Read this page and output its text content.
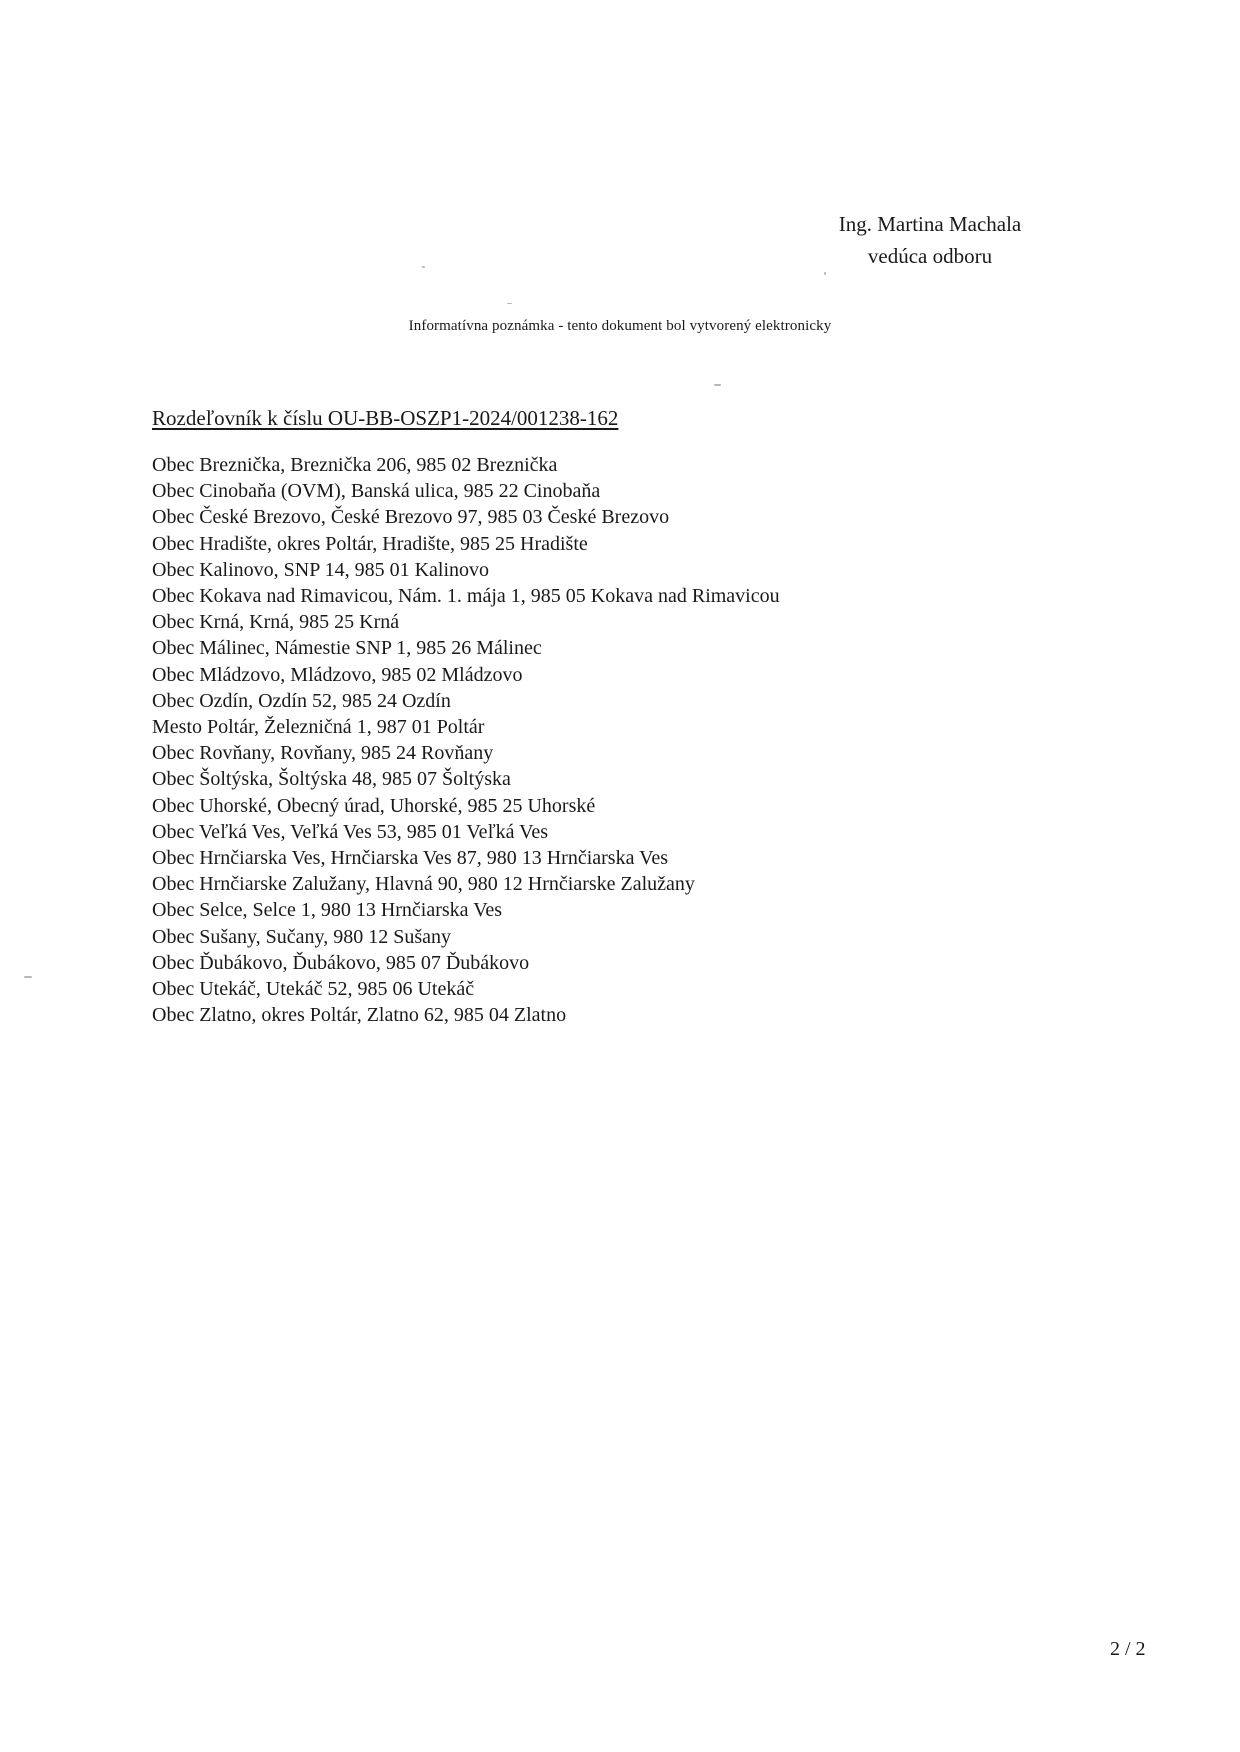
Ing. Martina Machala
vedúca odboru
Informatívna poznámka - tento dokument bol vytvorený elektronicky
Rozdeľovník k číslu OU-BB-OSZP1-2024/001238-162
Obec Breznička, Breznička 206, 985 02 Breznička
Obec Cinobaňa (OVM), Banská ulica, 985 22 Cinobaňa
Obec České Brezovo, České Brezovo 97, 985 03 České Brezovo
Obec Hradište, okres Poltár, Hradište, 985 25 Hradište
Obec Kalinovo, SNP 14, 985 01 Kalinovo
Obec Kokava nad Rimavicou, Nám. 1. mája 1, 985 05 Kokava nad Rimavicou
Obec Krná, Krná, 985 25 Krná
Obec Málinec, Námestie SNP 1, 985 26 Málinec
Obec Mládzovo, Mládzovo, 985 02 Mládzovo
Obec Ozdín, Ozdín 52, 985 24 Ozdín
Mesto Poltár, Železničná 1, 987 01 Poltár
Obec Rovňany, Rovňany, 985 24 Rovňany
Obec Šoltýska, Šoltýska 48, 985 07 Šoltýska
Obec Uhorské, Obecný úrad, Uhorské, 985 25 Uhorské
Obec Veľká Ves, Veľká Ves 53, 985 01 Veľká Ves
Obec Hrnčiarska Ves, Hrnčiarska Ves 87, 980 13 Hrnčiarska Ves
Obec Hrnčiarske Zalužany, Hlavná 90, 980 12 Hrnčiarske Zalužany
Obec Selce, Selce 1, 980 13 Hrnčiarska Ves
Obec Sušany, Sučany, 980 12 Sušany
Obec Ďubákovo, Ďubákovo, 985 07 Ďubákovo
Obec Utekáč, Utekáč 52, 985 06 Utekáč
Obec Zlatno, okres Poltár, Zlatno 62, 985 04 Zlatno
2 / 2
